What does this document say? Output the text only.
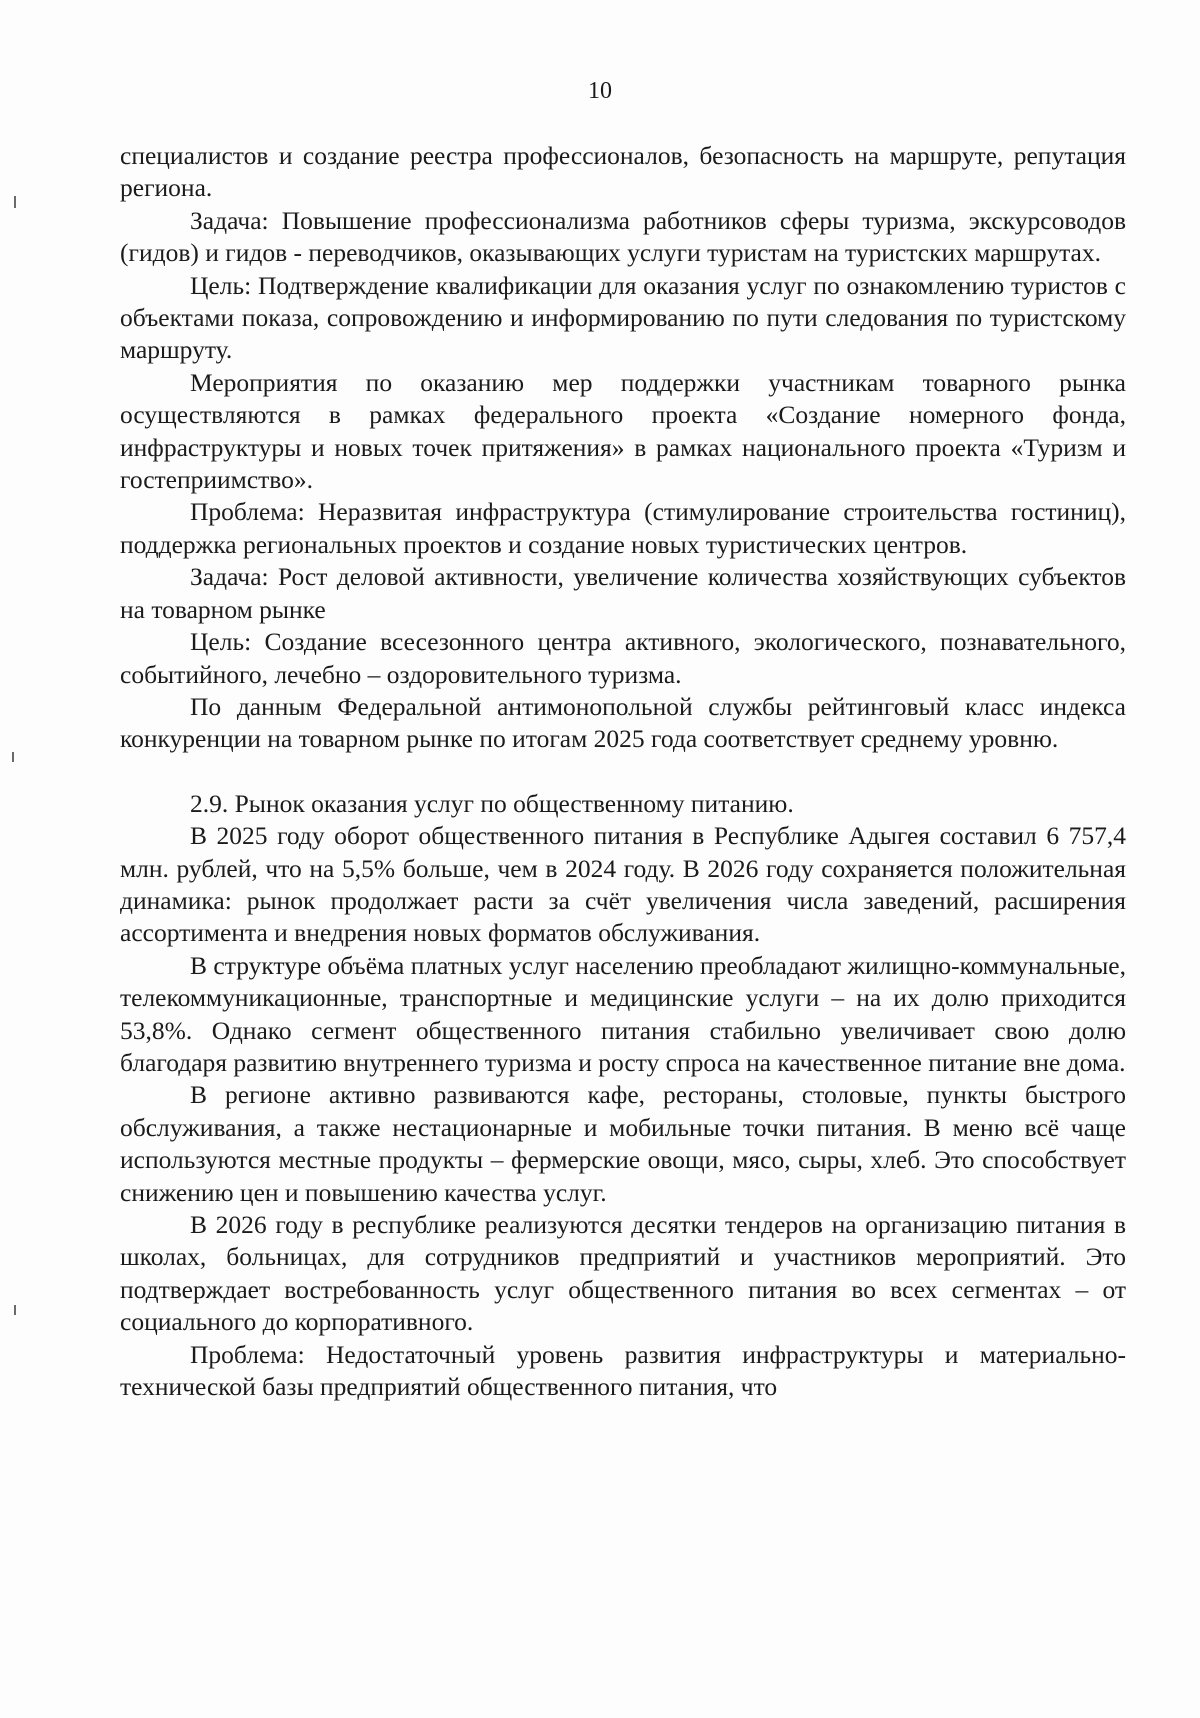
10

специалистов и создание реестра профессионалов, безопасность на маршруте, репутация региона.

Задача: Повышение профессионализма работников сферы туризма, экскурсоводов (гидов) и гидов - переводчиков, оказывающих услуги туристам на туристских маршрутах.

Цель: Подтверждение квалификации для оказания услуг по ознакомлению туристов с объектами показа, сопровождению и информированию по пути следования по туристскому маршруту.

Мероприятия по оказанию мер поддержки участникам товарного рынка осуществляются в рамках федерального проекта «Создание номерного фонда, инфраструктуры и новых точек притяжения» в рамках национального проекта «Туризм и гостеприимство».

Проблема: Неразвитая инфраструктура (стимулирование строительства гостиниц), поддержка региональных проектов и создание новых туристических центров.

Задача: Рост деловой активности, увеличение количества хозяйствующих субъектов на товарном рынке

Цель: Создание всесезонного центра активного, экологического, познавательного, событийного, лечебно – оздоровительного туризма.

По данным Федеральной антимонопольной службы рейтинговый класс индекса конкуренции на товарном рынке по итогам 2025 года соответствует среднему уровню.

2.9. Рынок оказания услуг по общественному питанию.

В 2025 году оборот общественного питания в Республике Адыгея составил 6 757,4 млн. рублей, что на 5,5% больше, чем в 2024 году. В 2026 году сохраняется положительная динамика: рынок продолжает расти за счёт увеличения числа заведений, расширения ассортимента и внедрения новых форматов обслуживания.

В структуре объёма платных услуг населению преобладают жилищно-коммунальные, телекоммуникационные, транспортные и медицинские услуги – на их долю приходится 53,8%. Однако сегмент общественного питания стабильно увеличивает свою долю благодаря развитию внутреннего туризма и росту спроса на качественное питание вне дома.

В регионе активно развиваются кафе, рестораны, столовые, пункты быстрого обслуживания, а также нестационарные и мобильные точки питания. В меню всё чаще используются местные продукты – фермерские овощи, мясо, сыры, хлеб. Это способствует снижению цен и повышению качества услуг.

В 2026 году в республике реализуются десятки тендеров на организацию питания в школах, больницах, для сотрудников предприятий и участников мероприятий. Это подтверждает востребованность услуг общественного питания во всех сегментах – от социального до корпоративного.

Проблема: Недостаточный уровень развития инфраструктуры и материально-технической базы предприятий общественного питания, что
